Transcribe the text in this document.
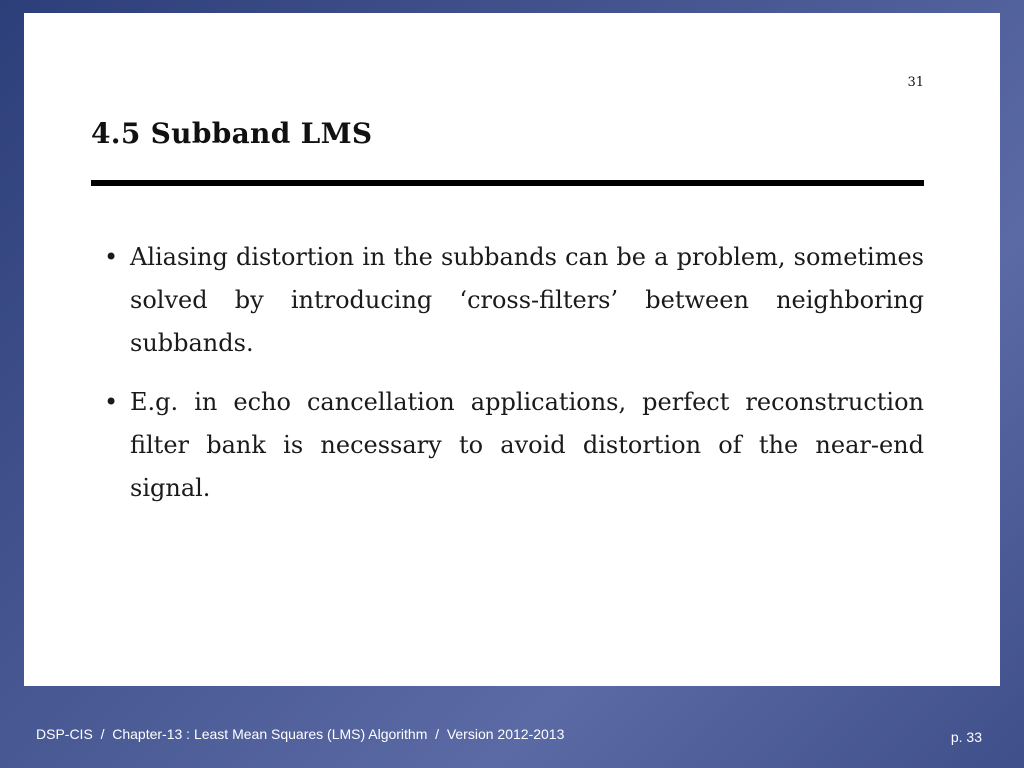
31
4.5 Subband LMS
• Aliasing distortion in the subbands can be a problem, sometimes solved by introducing ‘cross-filters’ between neighboring subbands.
• E.g. in echo cancellation applications, perfect reconstruction filter bank is necessary to avoid distortion of the near-end signal.
DSP-CIS  /  Chapter-13 : Least Mean Squares (LMS) Algorithm  /  Version 2012-2013	p. 33
